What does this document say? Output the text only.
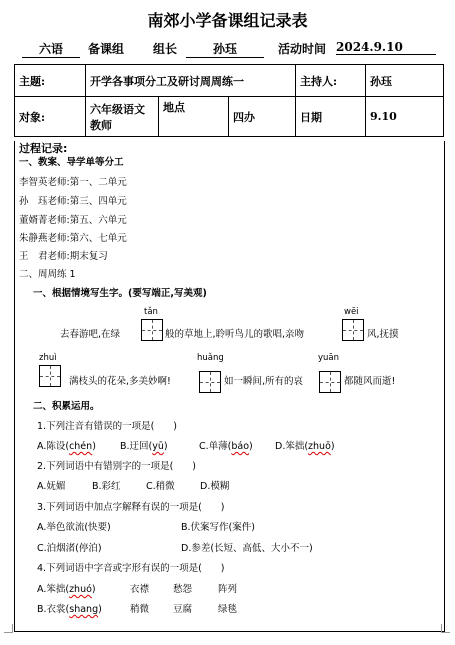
南郊小学备课组记录表
六语	备课组 组长	孙珏	活动时间 2024.9.10
主题:	开学各事项分工及研讨周周练一			主持人:	孙珏
对象:	六年级语文教师	地点	四办	日期	9.10
过程记录:
一、教案、导学单等分工
李智英老师:第一、二单元
孙　珏老师:第三、四单元
董婿菁老师:第五、六单元
朱静燕老师:第六、七单元
王　君老师:期末复习
二、周周练 1
一、根据情境写生字。(要写端正,写美观)
tǎn	wēi
去春游吧,在绿	般的草地上,聆听鸟儿的歌唱,亲吻	风,抚摸
zhuì	huǎng	yuān
满枝头的花朵,多美妙啊!	如一瞬间,所有的哀	都随风而逝!
二、积累运用。
1.下列注音有错误的一项是(　　)
A.陈设(chén)	B.迂回(yū)	C.单薄(báo) D.笨拙(zhuō)
2.下列词语中有错别字的一项是(　　)
A.妩媚	B.彩红	C.稍微	D.模糊
3.下列词语中加点字解释有误的一项是(　　)
A.举色欲流(快要)	B.伏案写作(案件)
C.泊烟渚(停泊)	D.参差(长短、高低、大小不一)
4.下列词语中字音或字形有误的一项是(　　)
A.笨拙(zhuó)	衣襟	愁怨	阵列
B.衣裳(shang)	稍微	豆腐	绿毯
